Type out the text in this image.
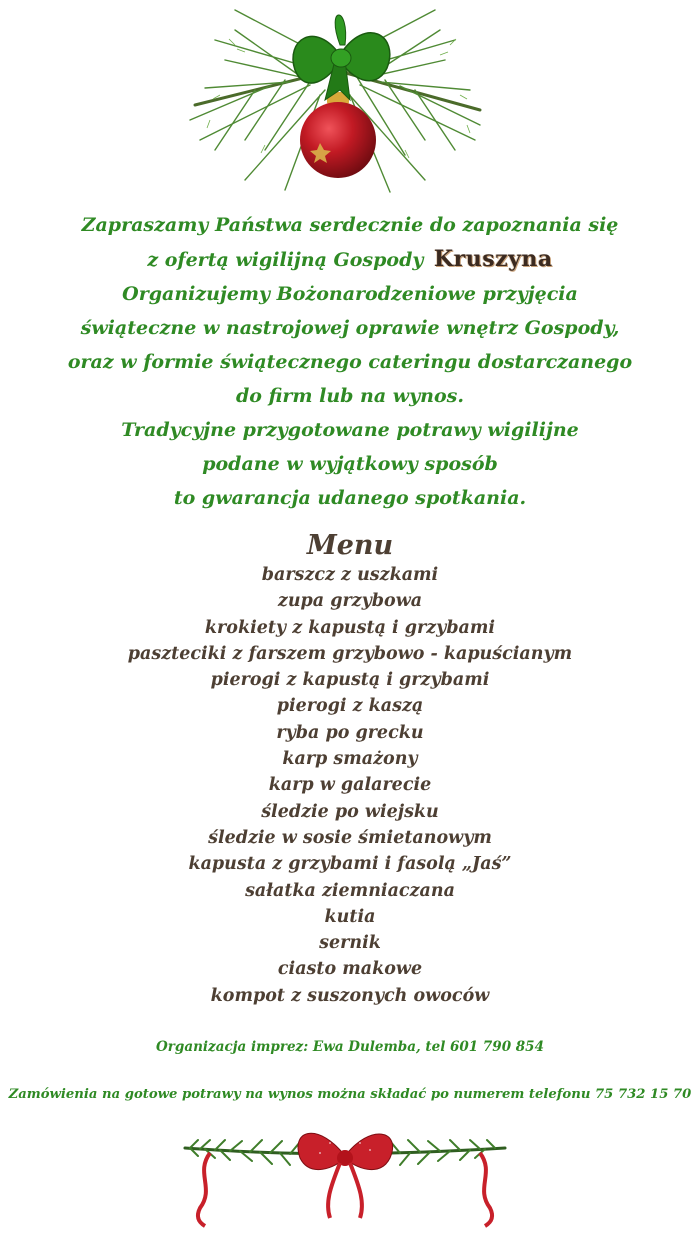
Zapraszamy Państwa serdecznie do zapoznania się
z ofertą wigilijną Gospody Kruszyna
Organizujemy Bożonarodzeniowe przyjęcia
świąteczne w nastrojowej oprawie wnętrz Gospody,
oraz w formie świątecznego cateringu dostarczanego
do firm lub na wynos.
Tradycyjne przygotowane potrawy wigilijne
podane w wyjątkowy sposób
to gwarancja udanego spotkania.
Menu
barszcz z uszkami
zupa grzybowa
krokiety z kapustą i grzybami
paszteciki z farszem grzybowo - kapuścianym
pierogi z kapustą i grzybami
pierogi z kaszą
ryba po grecku
karp smażony
karp w galarecie
śledzie po wiejsku
śledzie w sosie śmietanowym
kapusta z grzybami i fasolą „Jaś”
sałatka ziemniaczana
kutia
sernik
ciasto makowe
kompot z suszonych owoców
Organizacja imprez: Ewa Dulemba, tel 601 790 854
Zamówienia na gotowe potrawy na wynos można składać po numerem telefonu 75 732 15 70
